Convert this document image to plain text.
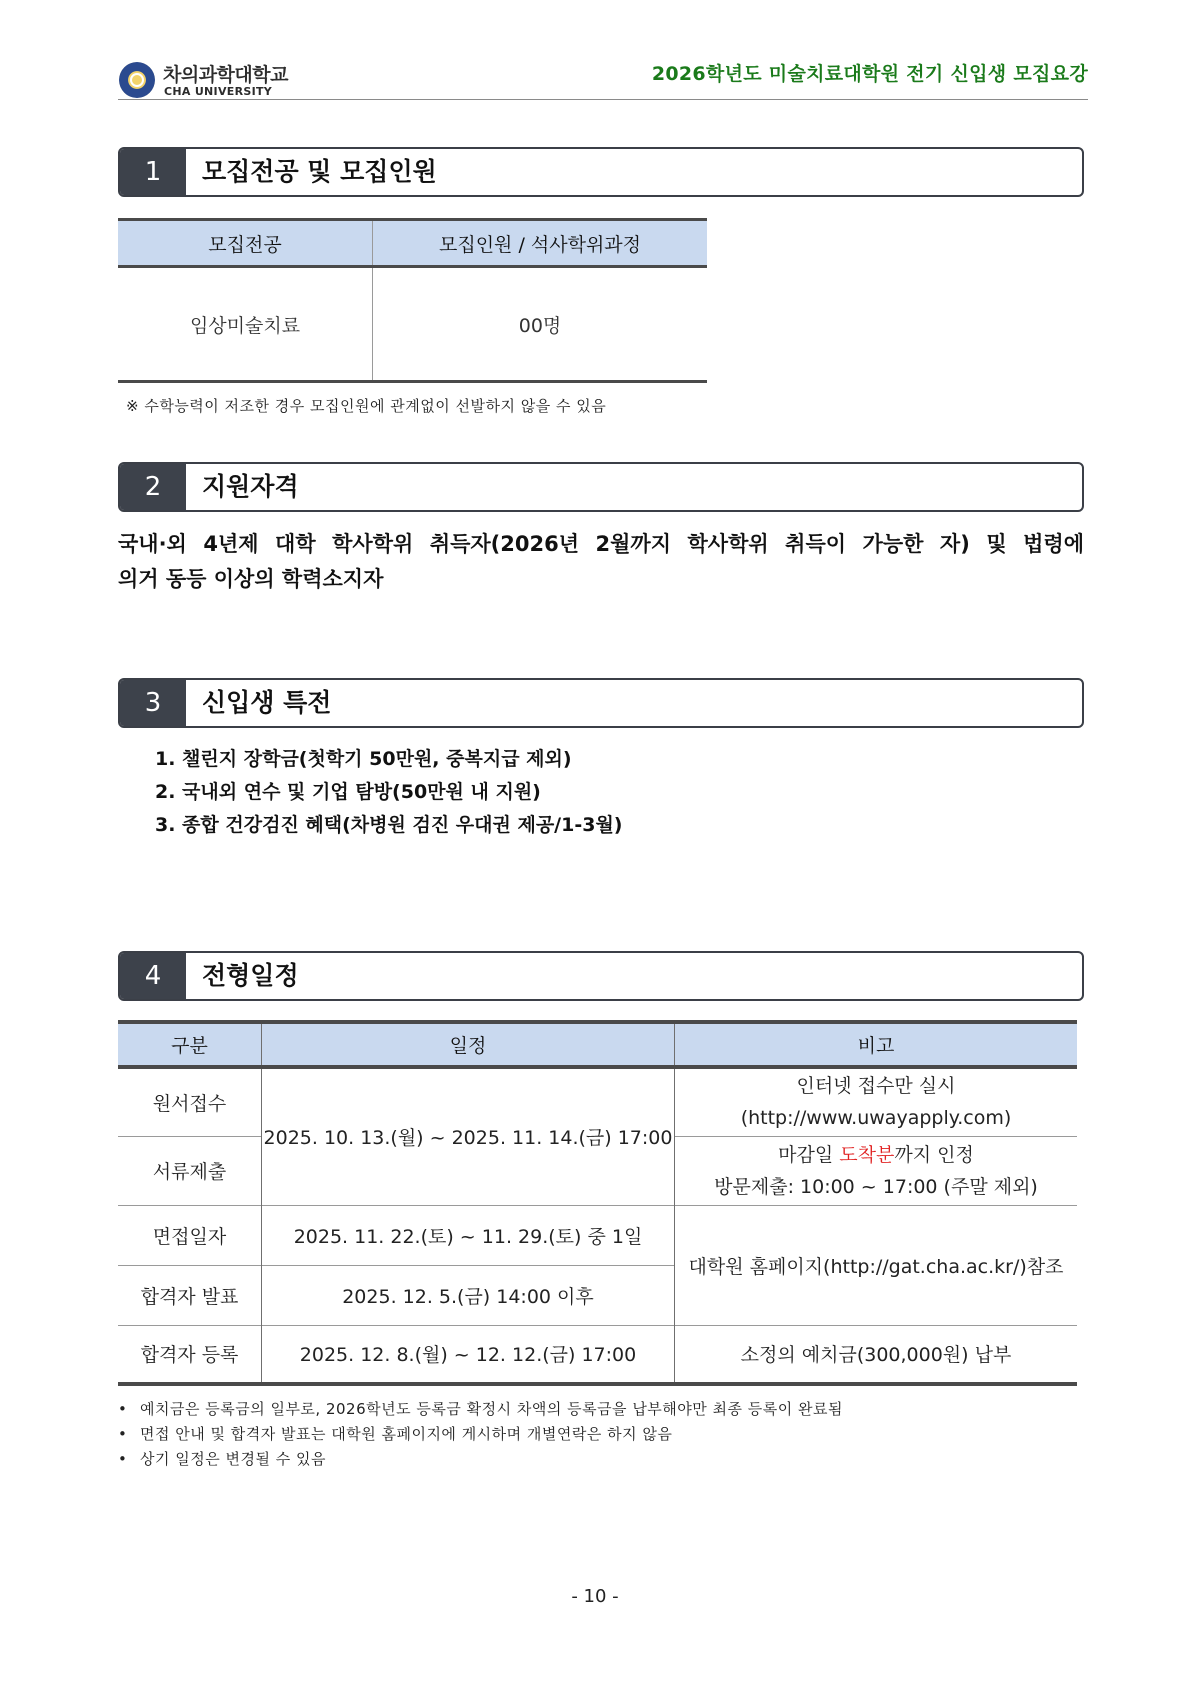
차의과학대학교
CHA UNIVERSITY
2026학년도 미술치료대학원 전기 신입생 모집요강
1	모집전공 및 모집인원
모집전공	모집인원 / 석사학위과정
임상미술치료	00명
※ 수학능력이 저조한 경우 모집인원에 관계없이 선발하지 않을 수 있음
2	지원자격
국내·외 4년제 대학 학사학위 취득자(2026년 2월까지 학사학위 취득이 가능한 자) 및 법령에
의거 동등 이상의 학력소지자
3	신입생 특전
1. 챌린지 장학금(첫학기 50만원, 중복지급 제외)
2. 국내외 연수 및 기업 탐방(50만원 내 지원)
3. 종합 건강검진 혜택(차병원 검진 우대권 제공/1-3월)
4	전형일정
구분	일정	비고
원서접수	2025. 10. 13.(월) ~ 2025. 11. 14.(금) 17:00	인터넷 접수만 실시
(http://www.uwayapply.com)

서류제출		마감일 도착분까지 인정
방문제출: 10:00 ~ 17:00 (주말 제외)

면접일자	2025. 11. 22.(토) ~ 11. 29.(토) 중 1일	대학원 홈페이지(http://gat.cha.ac.kr/)참조
합격자 발표	2025. 12. 5.(금) 14:00 이후	
합격자 등록	2025. 12. 8.(월) ~ 12. 12.(금) 17:00	소정의 예치금(300,000원) 납부
• 예치금은 등록금의 일부로, 2026학년도 등록금 확정시 차액의 등록금을 납부해야만 최종 등록이 완료됨
• 면접 안내 및 합격자 발표는 대학원 홈페이지에 게시하며 개별연락은 하지 않음
• 상기 일정은 변경될 수 있음
- 10 -
